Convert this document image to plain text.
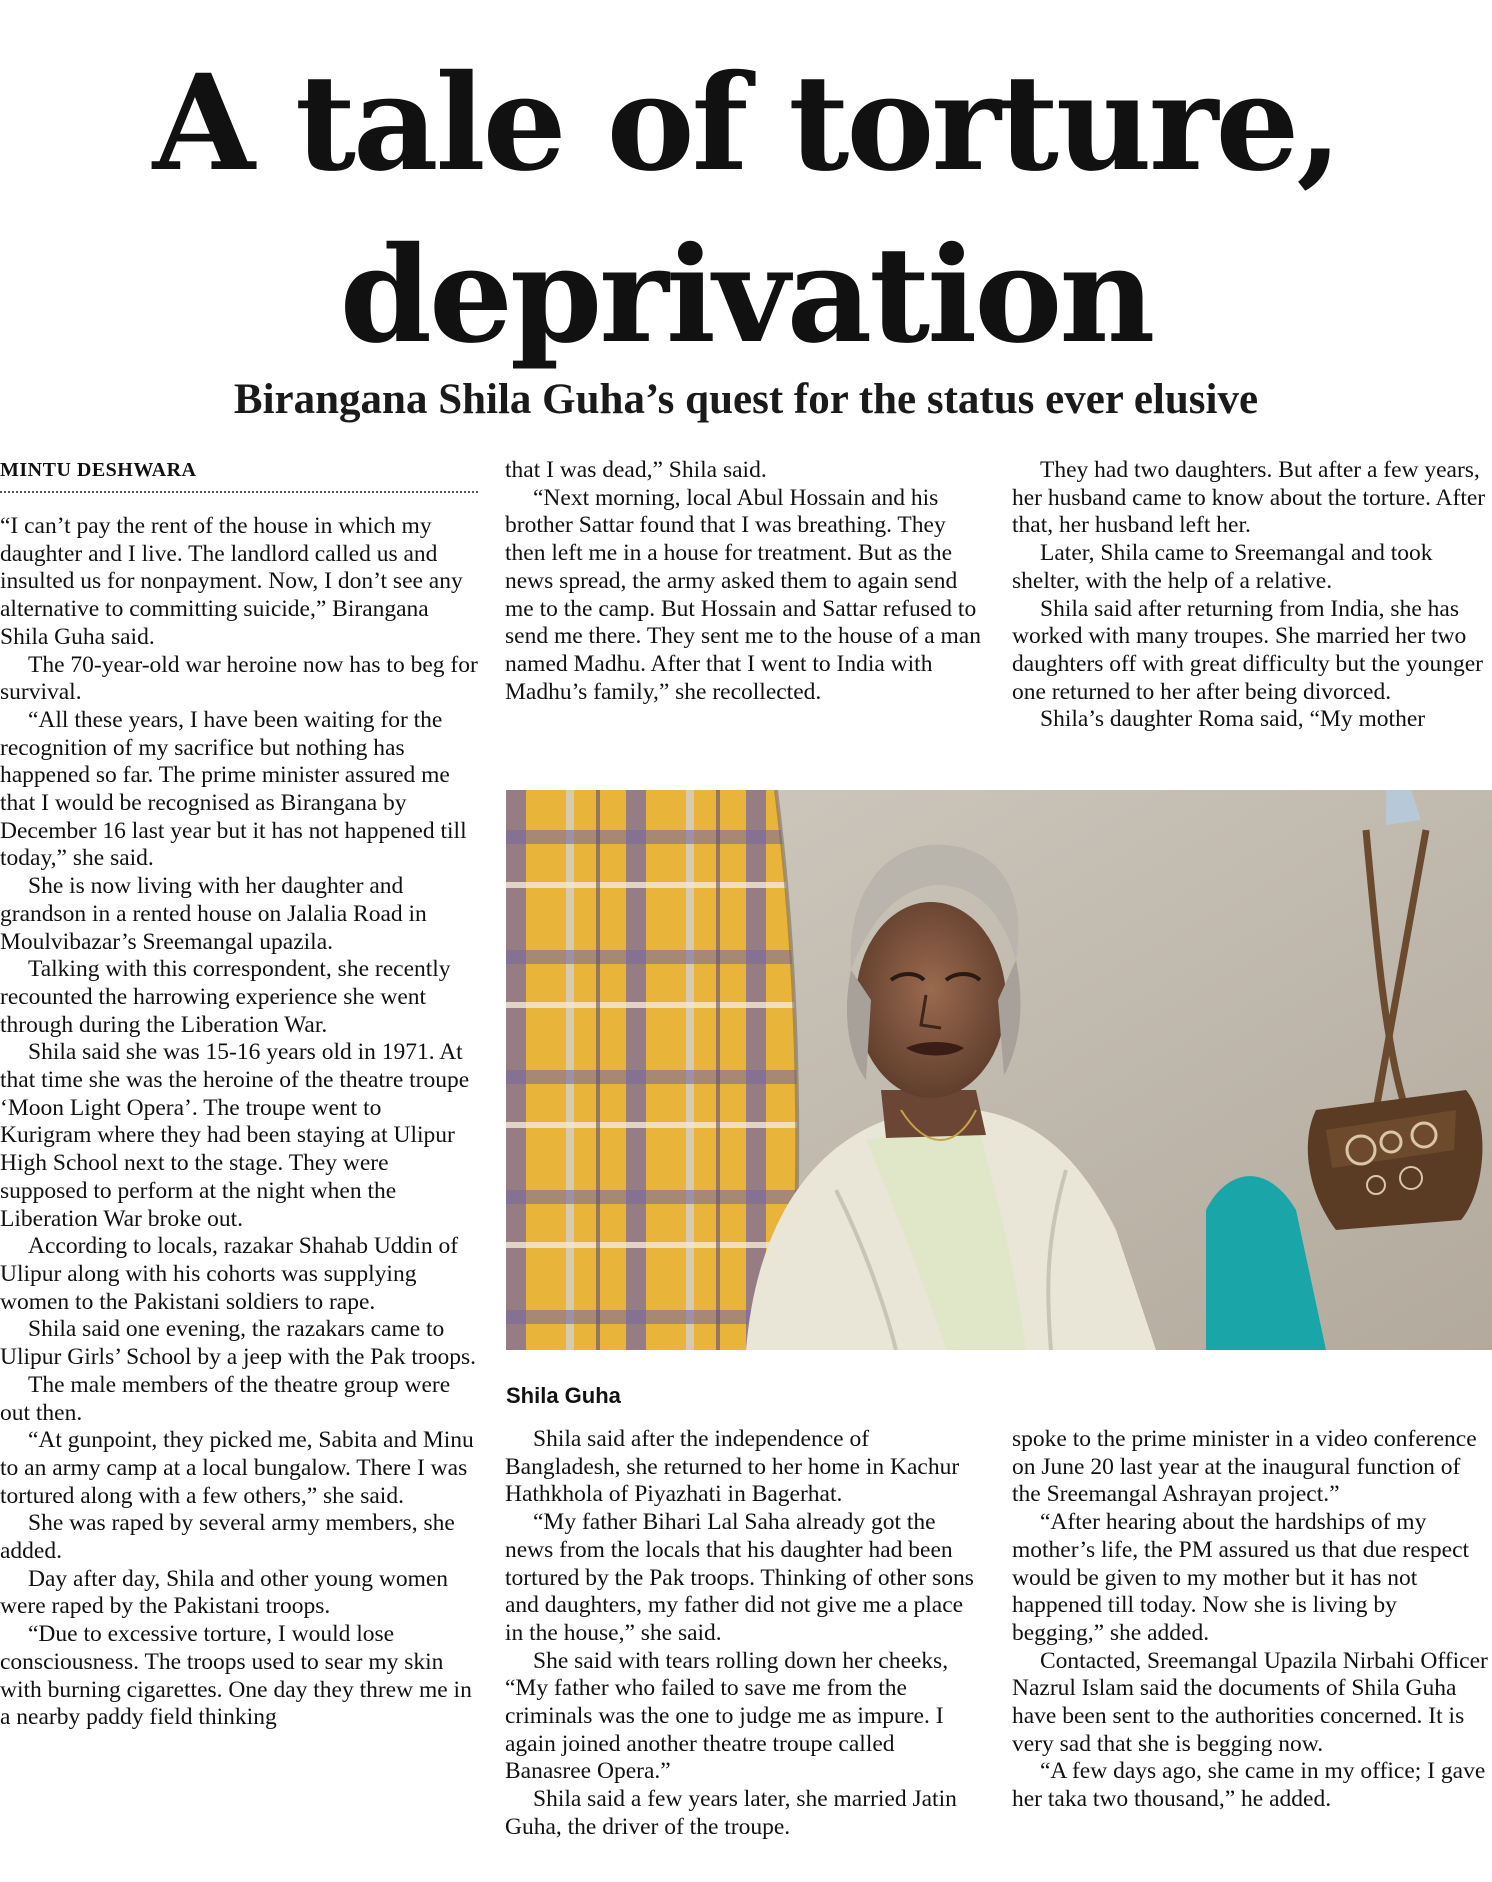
A tale of torture, deprivation
Birangana Shila Guha’s quest for the status ever elusive
MINTU DESHWARA

“I can’t pay the rent of the house in which my daughter and I live. The landlord called us and insulted us for nonpayment. Now, I don’t see any alternative to committing suicide,” Birangana Shila Guha said.

The 70-year-old war heroine now has to beg for survival.

“All these years, I have been waiting for the recognition of my sacrifice but nothing has happened so far. The prime minister assured me that I would be recognised as Birangana by December 16 last year but it has not happened till today,” she said.

She is now living with her daughter and grandson in a rented house on Jalalia Road in Moulvibazar’s Sreemangal upazila.

Talking with this correspondent, she recently recounted the harrowing experience she went through during the Liberation War.

Shila said she was 15-16 years old in 1971. At that time she was the heroine of the theatre troupe ‘Moon Light Opera’. The troupe went to Kurigram where they had been staying at Ulipur High School next to the stage. They were supposed to perform at the night when the Liberation War broke out.

According to locals, razakar Shahab Uddin of Ulipur along with his cohorts was supplying women to the Pakistani soldiers to rape.

Shila said one evening, the razakars came to Ulipur Girls’ School by a jeep with the Pak troops.

The male members of the theatre group were out then.

“At gunpoint, they picked me, Sabita and Minu to an army camp at a local bungalow. There I was tortured along with a few others,” she said.

She was raped by several army members, she added.

Day after day, Shila and other young women were raped by the Pakistani troops.

“Due to excessive torture, I would lose consciousness. The troops used to sear my skin with burning cigarettes. One day they threw me in a nearby paddy field thinking

that I was dead,” Shila said.

“Next morning, local Abul Hossain and his brother Sattar found that I was breathing. They then left me in a house for treatment. But as the news spread, the army asked them to again send me to the camp. But Hossain and Sattar refused to send me there. They sent me to the house of a man named Madhu. After that I went to India with Madhu’s family,” she recollected.

They had two daughters. But after a few years, her husband came to know about the torture. After that, her husband left her.

Later, Shila came to Sreemangal and took shelter, with the help of a relative.

Shila said after returning from India, she has worked with many troupes. She married her two daughters off with great difficulty but the younger one returned to her after being divorced.

Shila’s daughter Roma said, “My mother

Shila Guha

Shila said after the independence of Bangladesh, she returned to her home in Kachur Hathkhola of Piyazhati in Bagerhat.

“My father Bihari Lal Saha already got the news from the locals that his daughter had been tortured by the Pak troops. Thinking of other sons and daughters, my father did not give me a place in the house,” she said.

She said with tears rolling down her cheeks, “My father who failed to save me from the criminals was the one to judge me as impure. I again joined another theatre troupe called Banasree Opera.”

Shila said a few years later, she married Jatin Guha, the driver of the troupe.

spoke to the prime minister in a video conference on June 20 last year at the inaugural function of the Sreemangal Ashrayan project.”

“After hearing about the hardships of my mother’s life, the PM assured us that due respect would be given to my mother but it has not happened till today. Now she is living by begging,” she added.

Contacted, Sreemangal Upazila Nirbahi Officer Nazrul Islam said the documents of Shila Guha have been sent to the authorities concerned. It is very sad that she is begging now.

“A few days ago, she came in my office; I gave her taka two thousand,” he added.
